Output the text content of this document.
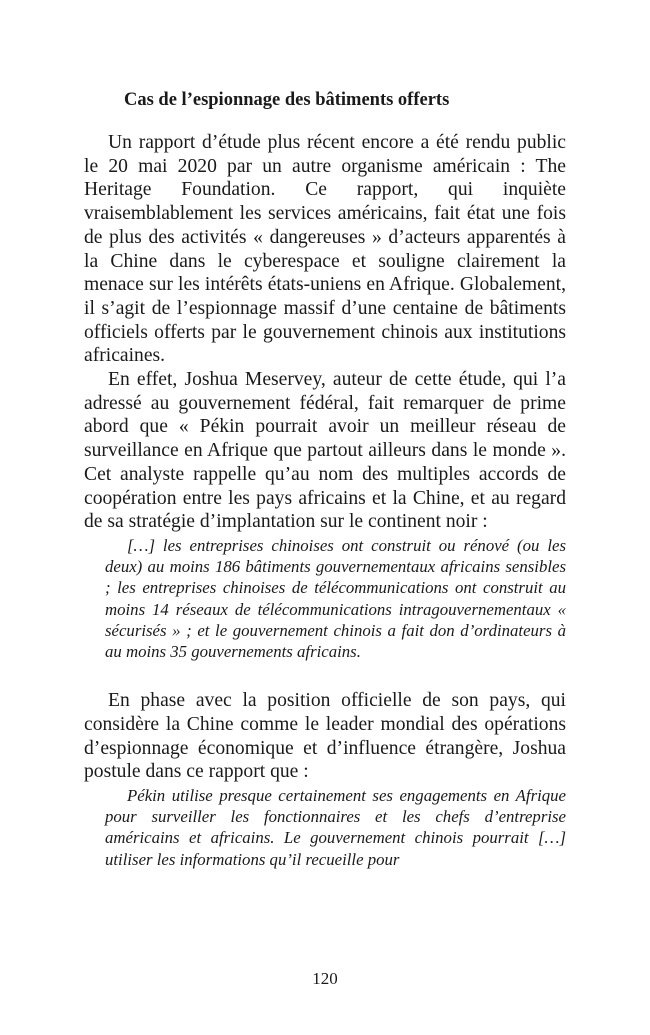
Cas de l’espionnage des bâtiments offerts

Un rapport d’étude plus récent encore a été rendu public le 20 mai 2020 par un autre organisme américain : The Heritage Foundation. Ce rapport, qui inquiète vraisemblablement les services américains, fait état une fois de plus des activités « dangereuses » d’acteurs apparentés à la Chine dans le cyberespace et souligne clairement la menace sur les intérêts états-uniens en Afrique. Globalement, il s’agit de l’espionnage massif d’une centaine de bâtiments officiels offerts par le gouvernement chinois aux institutions africaines.

En effet, Joshua Meservey, auteur de cette étude, qui l’a adressé au gouvernement fédéral, fait remarquer de prime abord que « Pékin pourrait avoir un meilleur réseau de surveillance en Afrique que partout ailleurs dans le monde ». Cet analyste rappelle qu’au nom des multiples accords de coopération entre les pays africains et la Chine, et au regard de sa stratégie d’implantation sur le continent noir :

[…] les entreprises chinoises ont construit ou rénové (ou les deux) au moins 186 bâtiments gouvernementaux africains sensibles ; les entreprises chinoises de télécommunications ont construit au moins 14 réseaux de télécommunications intragouvernementaux « sécurisés » ; et le gouvernement chinois a fait don d’ordinateurs à au moins 35 gouvernements africains.

En phase avec la position officielle de son pays, qui considère la Chine comme le leader mondial des opérations d’espionnage économique et d’influence étrangère, Joshua postule dans ce rapport que :

Pékin utilise presque certainement ses engagements en Afrique pour surveiller les fonctionnaires et les chefs d’entreprise américains et africains. Le gouvernement chinois pourrait […] utiliser les informations qu’il recueille pour

120
